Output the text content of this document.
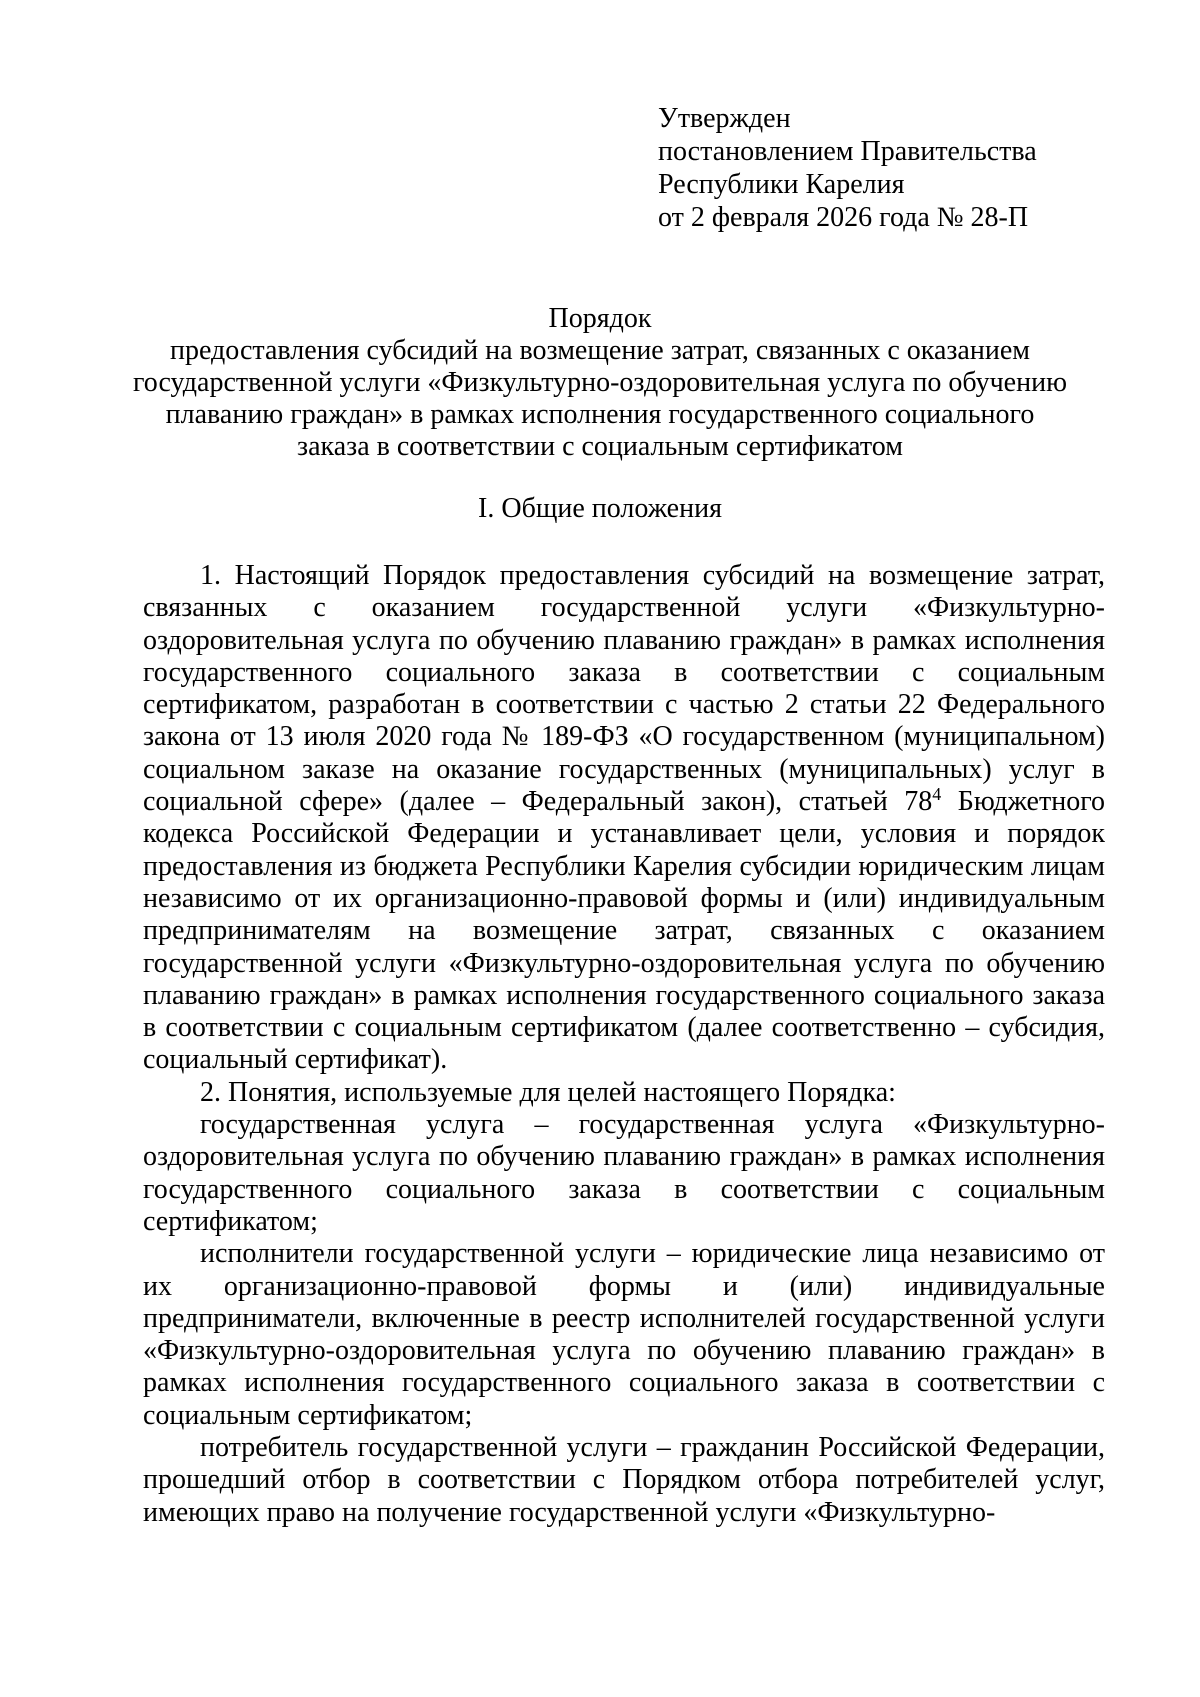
Утвержден
постановлением Правительства
Республики Карелия
от 2 февраля 2026 года № 28-П
Порядок
предоставления субсидий на возмещение затрат, связанных с оказанием
государственной услуги «Физкультурно-оздоровительная услуга по обучению
плаванию граждан» в рамках исполнения государственного социального
заказа в соответствии с социальным сертификатом
I. Общие положения

1. Настоящий Порядок предоставления субсидий на возмещение затрат, связанных с оказанием государственной услуги «Физкультурно-оздоровительная услуга по обучению плаванию граждан» в рамках исполнения государственного социального заказа в соответствии с социальным сертификатом, разработан в соответствии с частью 2 статьи 22 Федерального закона от 13 июля 2020 года № 189-ФЗ «О государственном (муниципальном) социальном заказе на оказание государственных (муниципальных) услуг в социальной сфере» (далее – Федеральный закон), статьей $78^4$ Бюджетного кодекса Российской Федерации и устанавливает цели, условия и порядок предоставления из бюджета Республики Карелия субсидии юридическим лицам независимо от их организационно-правовой формы и (или) индивидуальным предпринимателям на возмещение затрат, связанных с оказанием государственной услуги «Физкультурно-оздоровительная услуга по обучению плаванию граждан» в рамках исполнения государственного социального заказа в соответствии с социальным сертификатом (далее соответственно – субсидия, социальный сертификат).

2. Понятия, используемые для целей настоящего Порядка:

государственная услуга – государственная услуга «Физкультурно-оздоровительная услуга по обучению плаванию граждан» в рамках исполнения государственного социального заказа в соответствии с социальным сертификатом;

исполнители государственной услуги – юридические лица независимо от их организационно-правовой формы и (или) индивидуальные предприниматели, включенные в реестр исполнителей государственной услуги «Физкультурно-оздоровительная услуга по обучению плаванию граждан» в рамках исполнения государственного социального заказа в соответствии с социальным сертификатом;

потребитель государственной услуги – гражданин Российской Федерации, прошедший отбор в соответствии с Порядком отбора потребителей услуг, имеющих право на получение государственной услуги «Физкультурно-
